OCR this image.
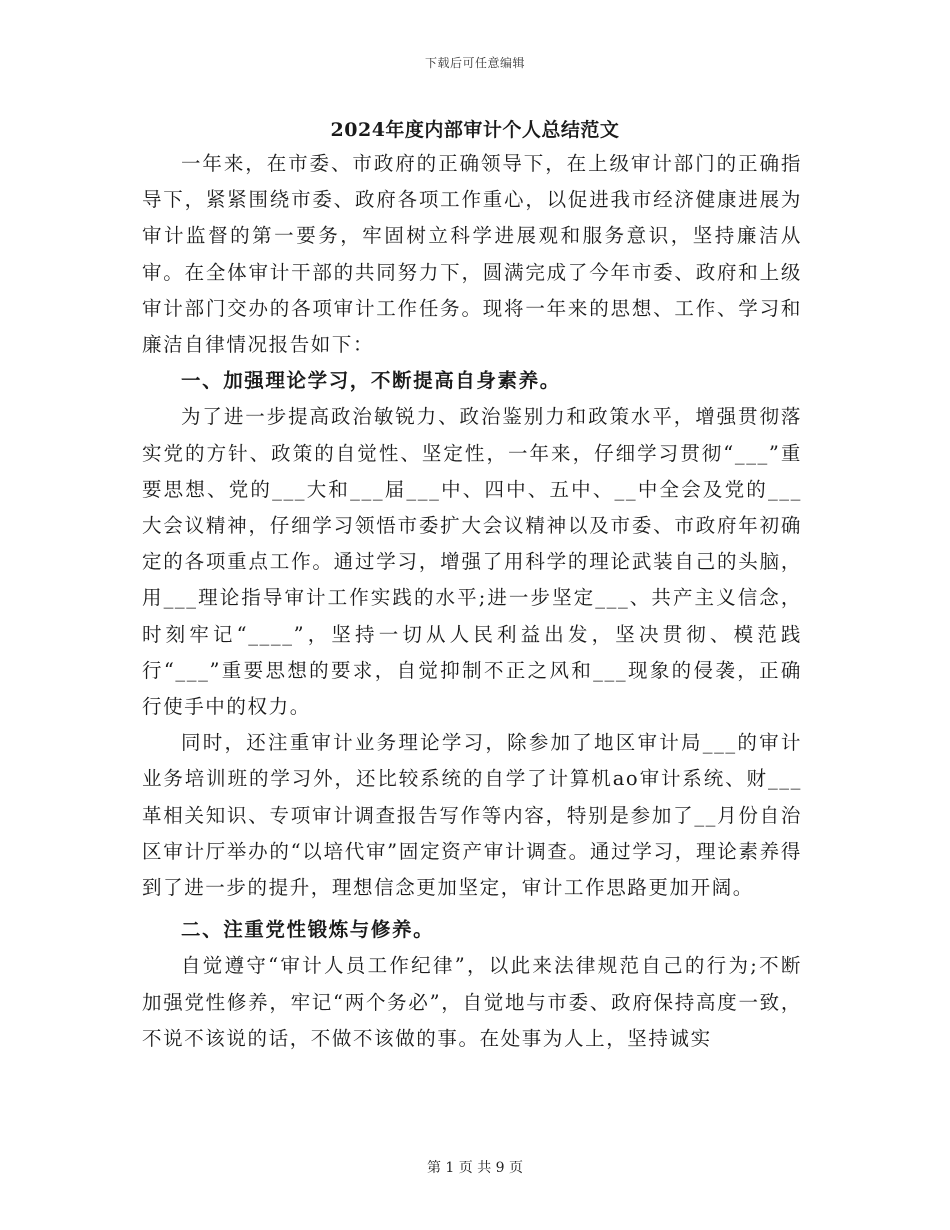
下载后可任意编辑
2024年度内部审计个人总结范文

一年来，在市委、市政府的正确领导下，在上级审计部门的正确指导下，紧紧围绕市委、政府各项工作重心，以促进我市经济健康进展为审计监督的第一要务，牢固树立科学进展观和服务意识，坚持廉洁从审。在全体审计干部的共同努力下，圆满完成了今年市委、政府和上级审计部门交办的各项审计工作任务。现将一年来的思想、工作、学习和廉洁自律情况报告如下：

一、加强理论学习，不断提高自身素养。

为了进一步提高政治敏锐力、政治鉴别力和政策水平，增强贯彻落实党的方针、政策的自觉性、坚定性，一年来，仔细学习贯彻“___”重要思想、党的___大和___届___中、四中、五中、__中全会及党的___大会议精神，仔细学习领悟市委扩大会议精神以及市委、市政府年初确定的各项重点工作。通过学习，增强了用科学的理论武装自己的头脑，用___理论指导审计工作实践的水平;进一步坚定___、共产主义信念，时刻牢记“____”，坚持一切从人民利益出发，坚决贯彻、模范践行“___”重要思想的要求，自觉抑制不正之风和___现象的侵袭，正确行使手中的权力。

同时，还注重审计业务理论学习，除参加了地区审计局___的审计业务培训班的学习外，还比较系统的自学了计算机ao审计系统、财___革相关知识、专项审计调查报告写作等内容，特别是参加了__月份自治区审计厅举办的“以培代审”固定资产审计调查。通过学习，理论素养得到了进一步的提升，理想信念更加坚定，审计工作思路更加开阔。

二、注重党性锻炼与修养。

自觉遵守“审计人员工作纪律”，以此来法律规范自己的行为;不断加强党性修养，牢记“两个务必”，自觉地与市委、政府保持高度一致，不说不该说的话，不做不该做的事。在处事为人上，坚持诚实

第 1 页 共 9 页
